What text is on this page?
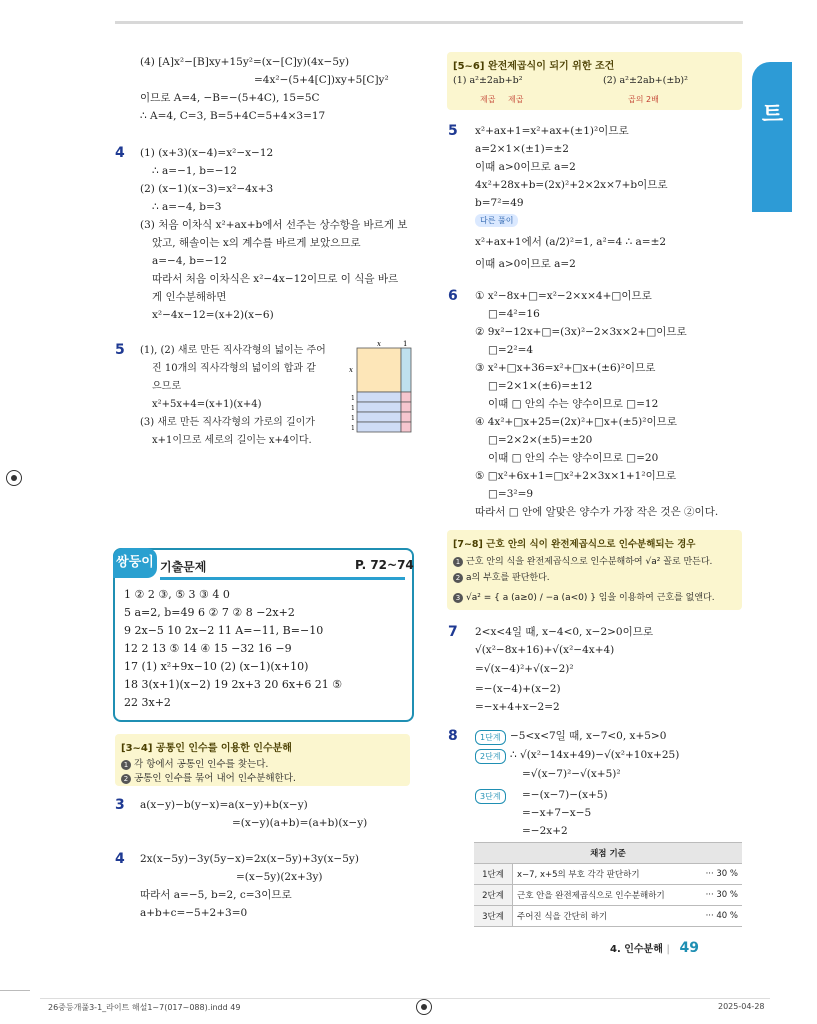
유형 라이트
(4) [A]x²−[B]xy+15y²=(x−[C]y)(4x−5y)
=4x²−(5+4[C])xy+5[C]y²
이므로 A=4, −B=−(5+4C), 15=5C
∴ A=4, C=3, B=5+4C=5+4×3=17
4 (1) (x+3)(x−4)=x²−x−12
∴ a=−1, b=−12
(2) (x−1)(x−3)=x²−4x+3
∴ a=−4, b=3
(3) 처음 이차식 x²+ax+b에서 선주는 상수항을 바르게 보
았고, 해솔이는 x의 계수를 바르게 보았으므로
a=−4, b=−12
따라서 처음 이차식은 x²−4x−12이므로 이 식을 바르
게 인수분해하면
x²−4x−12=(x+2)(x−6)
5 (1), (2) 새로 만든 직사각형의 넓이는 주어
진 10개의 직사각형의 넓이의 합과 같
으므로
x²+5x+4=(x+1)(x+4)
(3) 새로 만든 직사각형의 가로의 길이가
x+1이므로 세로의 길이는 x+4이다.
x	1
x
1
1
1
1
쌍둥이 기출문제	P. 72~74
1 ② 2 ③, ⑤ 3 ③ 4 0
5 a=2, b=49 6 ② 7 ② 8 −2x+2
9 2x−5 10 2x−2 11 A=−11, B=−10
12 2 13 ⑤ 14 ④ 15 −32 16 −9
17 (1) x²+9x−10 (2) (x−1)(x+10)
18 3(x+1)(x−2) 19 2x+3 20 6x+6 21 ⑤
22 3x+2
[3~4] 공통인 인수를 이용한 인수분해
1 각 항에서 공통인 인수를 찾는다.
2 공통인 인수를 묶어 내어 인수분해한다.
3 a(x−y)−b(y−x)=a(x−y)+b(x−y)
=(x−y)(a+b)=(a+b)(x−y)
4 2x(x−5y)−3y(5y−x)=2x(x−5y)+3y(x−5y)
=(x−5y)(2x+3y)
따라서 a=−5, b=2, c=3이므로
a+b+c=−5+2+3=0
[5~6] 완전제곱식이 되기 위한 조건
(1) a²±2ab+b²
제곱 제곱
(2) a²±2ab+(±b)²
곱의 2배
5 x²+ax+1=x²+ax+(±1)²이므로
a=2×1×(±1)=±2
이때 a>0이므로 a=2
4x²+28x+b=(2x)²+2×2x×7+b이므로
b=7²=49
다른 풀이
x²+ax+1에서 (a/2)²=1, a²=4 ∴ a=±2
이때 a>0이므로 a=2
6 ① x²−8x+□=x²−2×x×4+□이므로
□=4²=16
② 9x²−12x+□=(3x)²−2×3x×2+□이므로
□=2²=4
③ x²+□x+36=x²+□x+(±6)²이므로
□=2×1×(±6)=±12
이때 □ 안의 수는 양수이므로 □=12
④ 4x²+□x+25=(2x)²+□x+(±5)²이므로
□=2×2×(±5)=±20
이때 □ 안의 수는 양수이므로 □=20
⑤ □x²+6x+1=□x²+2×3x×1+1²이므로
□=3²=9
따라서 □ 안에 알맞은 양수가 가장 작은 것은 ②이다.
[7~8] 근호 안의 식이 완전제곱식으로 인수분해되는 경우
1 근호 안의 식을 완전제곱식으로 인수분해하여 √a² 꼴로 만든다.
2 a의 부호를 판단한다.
3 √a² = { a (a≥0) / −a (a<0) } 임을 이용하여 근호를 없앤다.
7 2<x<4일 때, x−4<0, x−2>0이므로
√(x²−8x+16)+√(x²−4x+4)
=√(x−4)²+√(x−2)²
=−(x−4)+(x−2)
=−x+4+x−2=2
8	1단계 −5<x<7일 때, x−7<0, x+5>0
2단계 ∴ √(x²−14x+49)−√(x²+10x+25)
=√(x−7)²−√(x+5)²
3단계	=−(x−7)−(x+5)
=−x+7−x−5
=−2x+2
채점 기준		
1단계	x−7, x+5의 부호 각각 판단하기	··· 30 %
2단계	근호 안을 완전제곱식으로 인수분해하기	··· 30 %
3단계	주어진 식을 간단히 하기	··· 40 %
4. 인수분해 | 49
26중등개풀3-1_라이트 해설1~7(017~088).indd 49	2025-04-28
